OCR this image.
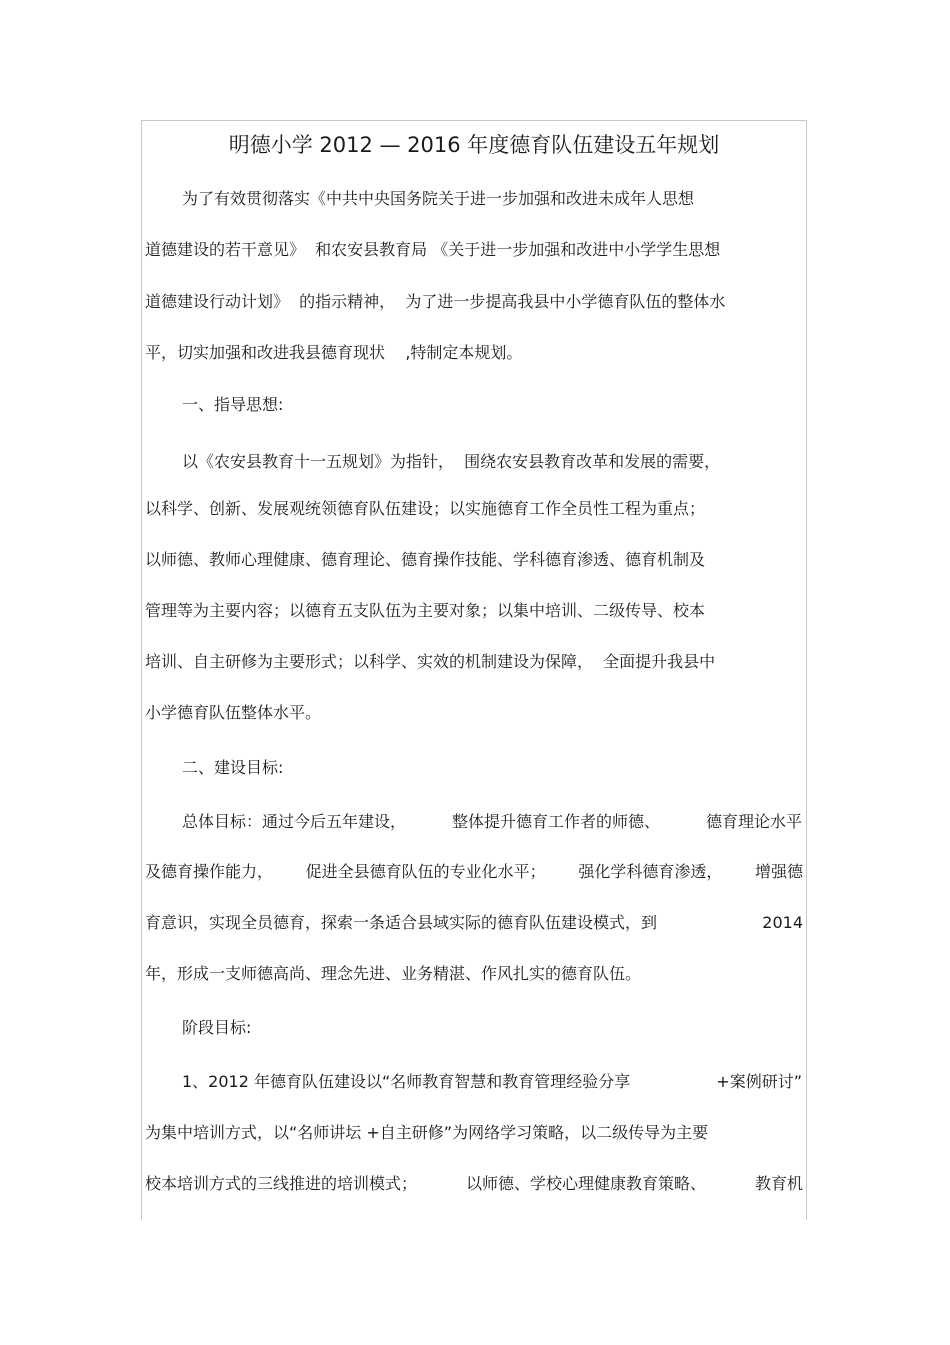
明德小学 2012 — 2016 年度德育队伍建设五年规划
为了有效贯彻落实《中共中央国务院关于进一步加强和改进未成年人思想
道德建设的若干意见》  和农安县教育局 《关于进一步加强和改进中小学学生思想
道德建设行动计划》  的指示精神，  为了进一步提高我县中小学德育队伍的整体水
平，切实加强和改进我县德育现状    ,特制定本规划。
一、指导思想:
以《农安县教育十一五规划》为指针，  围绕农安县教育改革和发展的需要，
以科学、创新、发展观统领德育队伍建设；以实施德育工作全员性工程为重点；
以师德、教师心理健康、德育理论、德育操作技能、学科德育渗透、德育机制及
管理等为主要内容；以德育五支队伍为主要对象；以集中培训、二级传导、校本
培训、自主研修为主要形式；以科学、实效的机制建设为保障，  全面提升我县中
小学德育队伍整体水平。
二、建设目标:
总体目标：通过今后五年建设，	整体提升德育工作者的师德、	德育理论水平
及德育操作能力， 促进全县德育队伍的专业化水平； 强化学科德育渗透， 增强德
育意识，实现全员德育，探索一条适合县域实际的德育队伍建设模式，到	2014
年，形成一支师德高尚、理念先进、业务精湛、作风扎实的德育队伍。
阶段目标:
1、2012 年德育队伍建设以“名师教育智慧和教育管理经验分享	+案例研讨”
为集中培训方式，以“名师讲坛 +自主研修”为网络学习策略，以二级传导为主要
校本培训方式的三线推进的培训模式；	以师德、学校心理健康教育策略、	教育机
